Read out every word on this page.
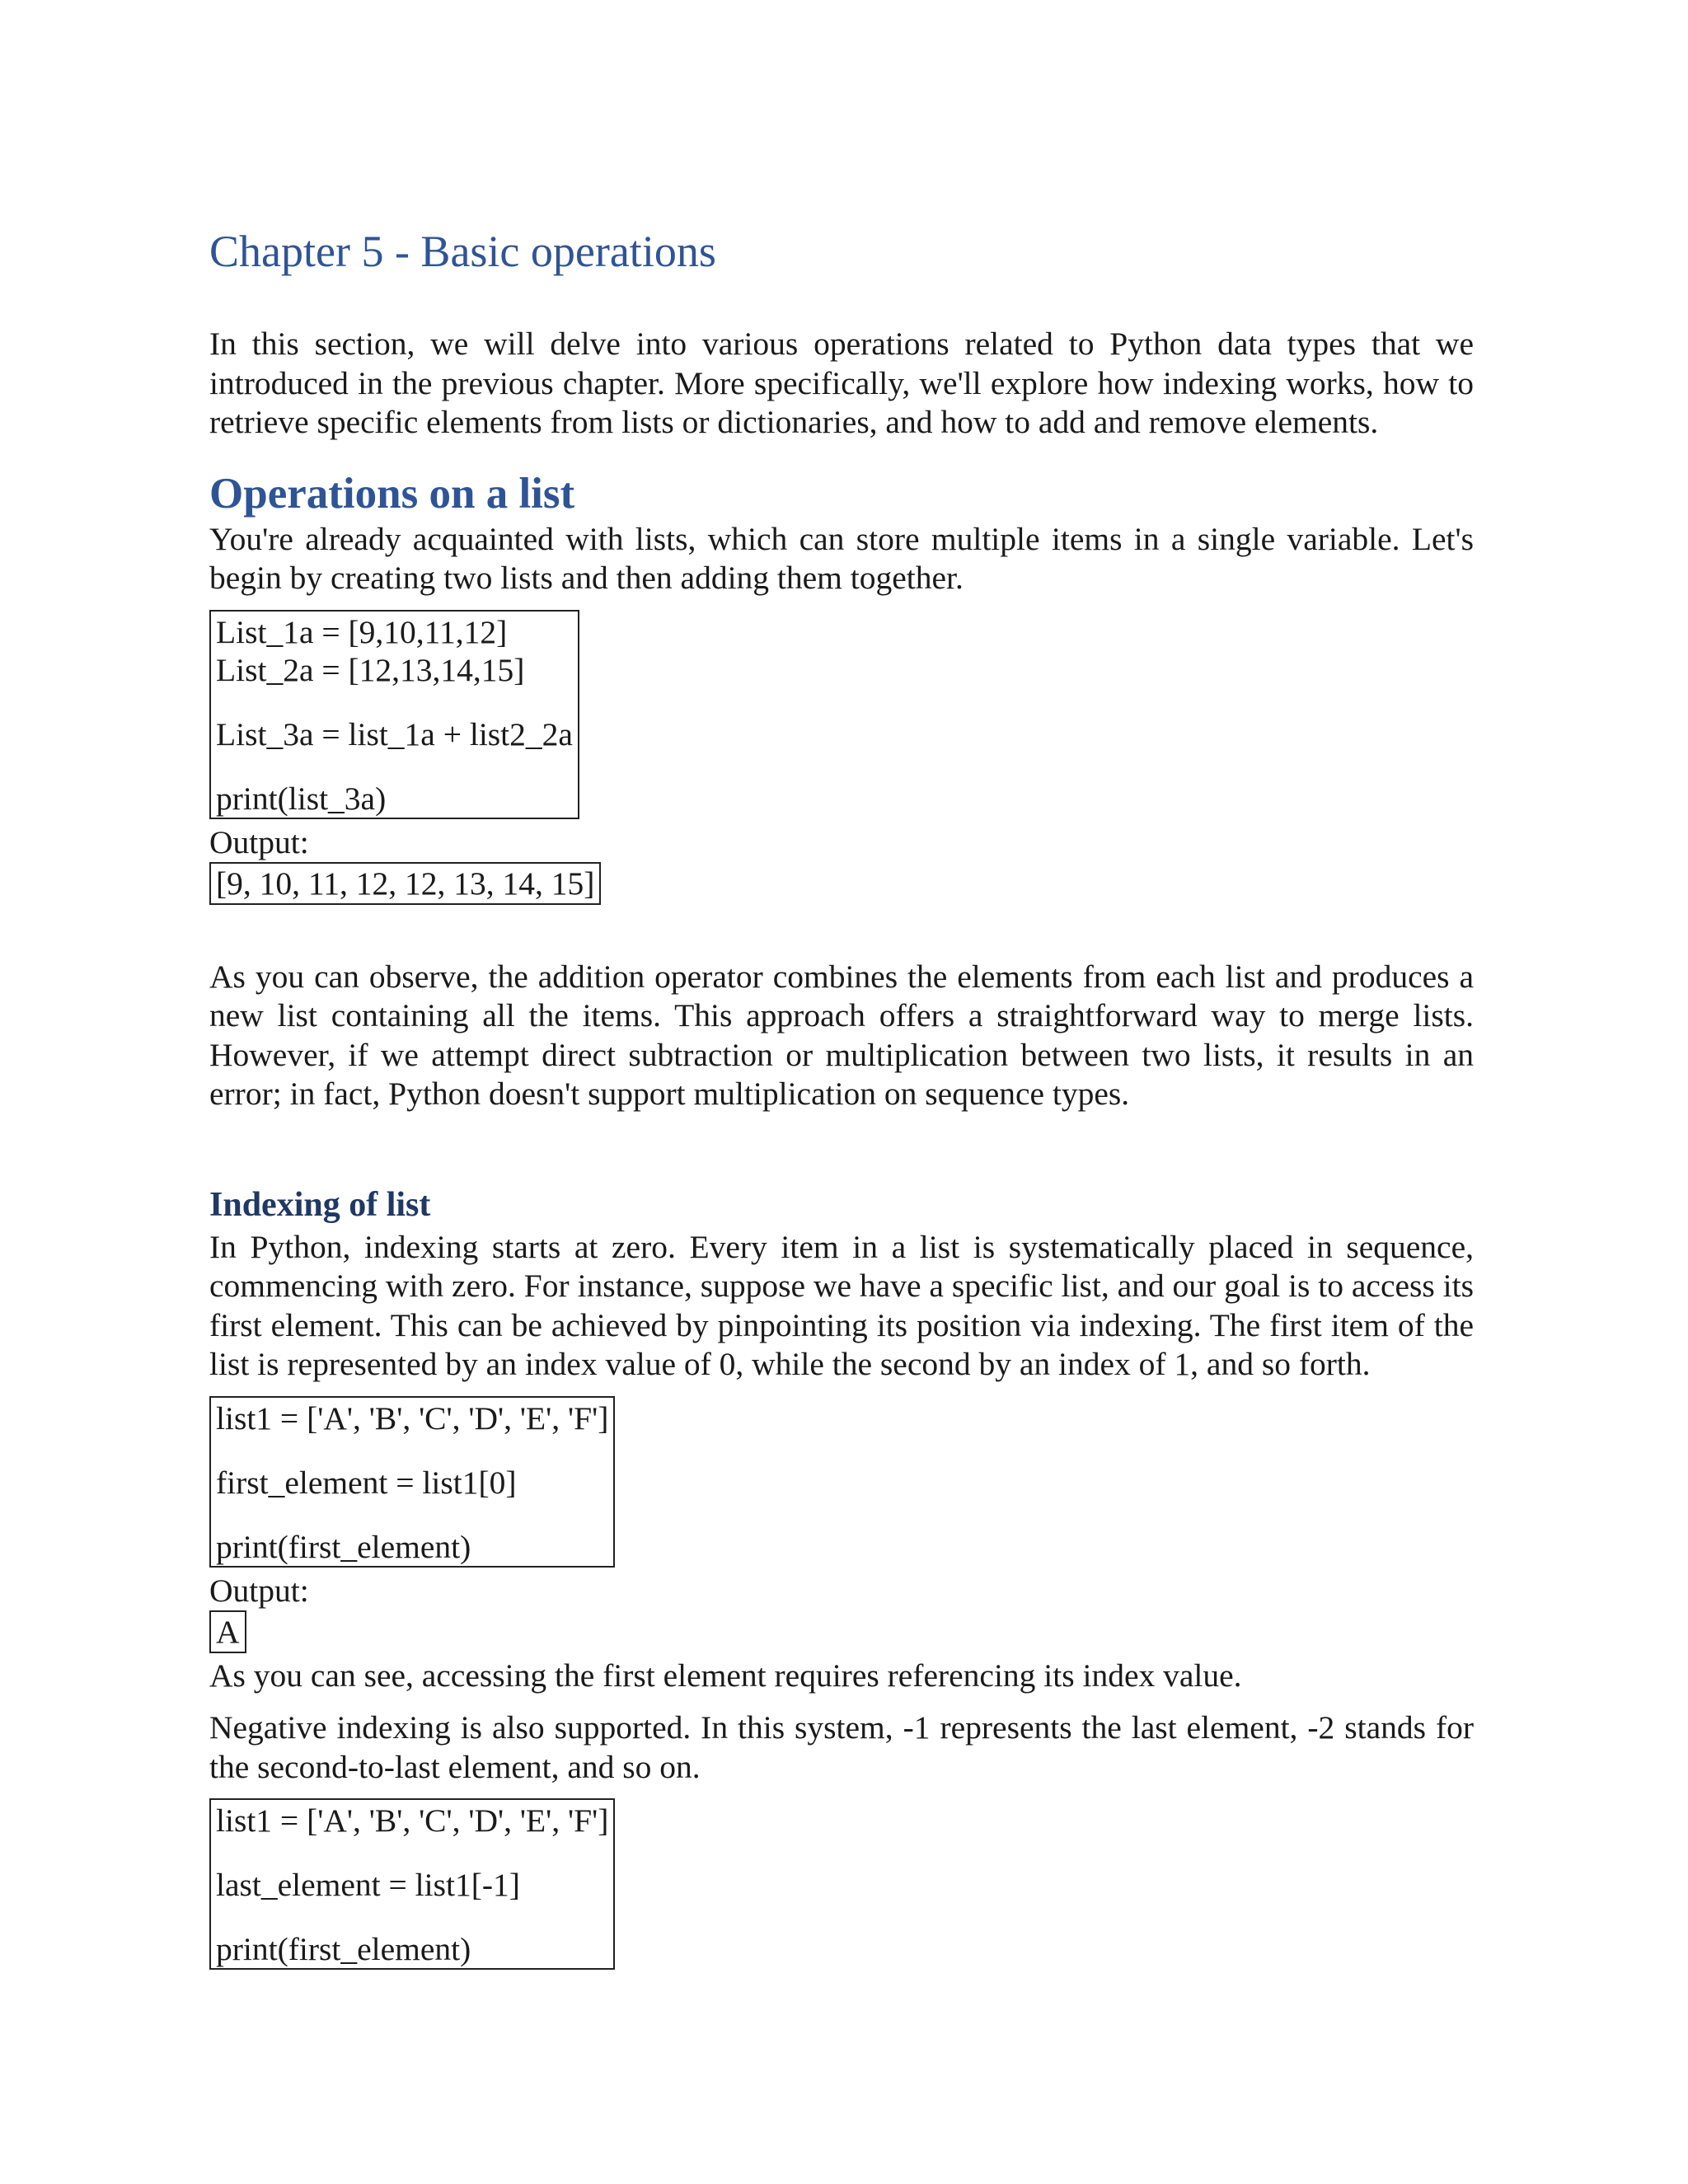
Chapter 5 - Basic operations

In this section, we will delve into various operations related to Python data types that we introduced in the previous chapter. More specifically, we'll explore how indexing works, how to retrieve specific elements from lists or dictionaries, and how to add and remove elements.

Operations on a list

You're already acquainted with lists, which can store multiple items in a single variable. Let's begin by creating two lists and then adding them together.

List_1a = [9,10,11,12]
List_2a = [12,13,14,15]
List_3a = list_1a + list2_2a
print(list_3a)
Output:
[9, 10, 11, 12, 12, 13, 14, 15]

As you can observe, the addition operator combines the elements from each list and produces a new list containing all the items. This approach offers a straightforward way to merge lists. However, if we attempt direct subtraction or multiplication between two lists, it results in an error; in fact, Python doesn't support multiplication on sequence types.

Indexing of list

In Python, indexing starts at zero. Every item in a list is systematically placed in sequence, commencing with zero. For instance, suppose we have a specific list, and our goal is to access its first element. This can be achieved by pinpointing its position via indexing. The first item of the list is represented by an index value of 0, while the second by an index of 1, and so forth.

list1 = ['A', 'B', 'C', 'D', 'E', 'F']
first_element = list1[0]
print(first_element)
Output:
A

As you can see, accessing the first element requires referencing its index value.

Negative indexing is also supported. In this system, -1 represents the last element, -2 stands for the second-to-last element, and so on.

list1 = ['A', 'B', 'C', 'D', 'E', 'F']
last_element = list1[-1]
print(first_element)
